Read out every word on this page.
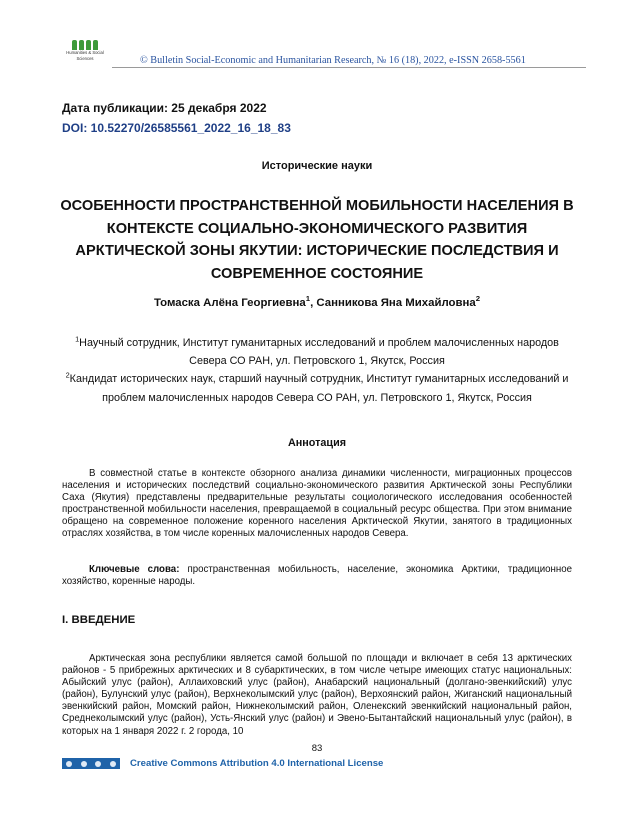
Humanities & Social
Sciences	© Bulletin Social-Economic and Humanitarian Research, № 16 (18), 2022, e-ISSN 2658-5561
Дата публикации: 25 декабря 2022
DOI: 10.52270/26585561_2022_16_18_83
Исторические науки
ОСОБЕННОСТИ ПРОСТРАНСТВЕННОЙ МОБИЛЬНОСТИ НАСЕЛЕНИЯ В КОНТЕКСТЕ СОЦИАЛЬНО-ЭКОНОМИЧЕСКОГО РАЗВИТИЯ АРКТИЧЕСКОЙ ЗОНЫ ЯКУТИИ: ИСТОРИЧЕСКИЕ ПОСЛЕДСТВИЯ И СОВРЕМЕННОЕ СОСТОЯНИЕ
Томаска Алёна Георгиевна$^1$, Санникова Яна Михайловна$^2$

$^1$Научный сотрудник, Институт гуманитарных исследований и проблем малочисленных народов Севера СО РАН, ул. Петровского 1, Якутск, Россия

$^2$Кандидат исторических наук, старший научный сотрудник, Институт гуманитарных исследований и проблем малочисленных народов Севера СО РАН, ул. Петровского 1, Якутск, Россия

Аннотация

В совместной статье в контексте обзорного анализа динамики численности, миграционных процессов населения и исторических последствий социально-экономического развития Арктической зоны Республики Саха (Якутия) представлены предварительные результаты социологического исследования особенностей пространственной мобильности населения, превращаемой в социальный ресурс общества. При этом внимание обращено на современное положение коренного населения Арктической Якутии, занятого в традиционных отраслях хозяйства, в том числе коренных малочисленных народов Севера.

Ключевые слова: пространственная мобильность, население, экономика Арктики, традиционное хозяйство, коренные народы.

I. ВВЕДЕНИЕ

Арктическая зона республики является самой большой по площади и включает в себя 13 арктических районов - 5 прибрежных арктических и 8 субарктических, в том числе четыре имеющих статус национальных: Абыйский улус (район), Аллаиховский улус (район), Анабарский национальный (долгано-эвенкийский) улус (район), Булунский улус (район), Верхнеколымский улус (район), Верхоянский район, Жиганский национальный эвенкийский район, Момский район, Нижнеколымский район, Оленекский эвенкийский национальный район, Среднеколымский улус (район), Усть-Янский улус (район) и Эвено-Бытантайский национальный улус (район), в которых на 1 января 2022 г. 2 города, 10

83
Creative Commons Attribution 4.0 International License
